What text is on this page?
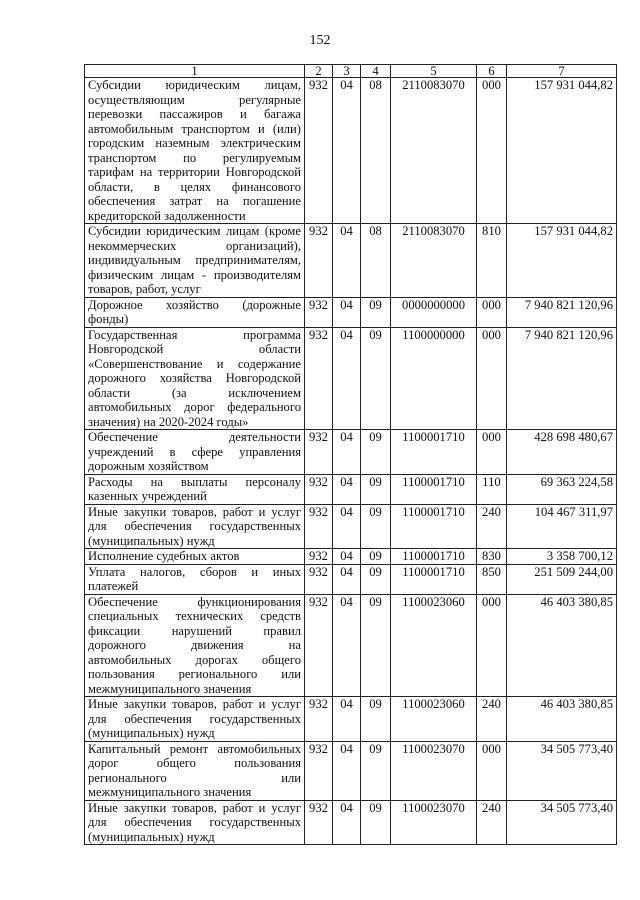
152
1	2	3	4	5	6	7
Субсидии юридическим лицам, осуществляющим регулярные перевозки пассажиров и багажа автомобильным транспортом и (или) городским наземным электрическим транспортом по регулируемым тарифам на территории Новгородской области, в целях финансового обеспечения затрат на погашение кредиторской задолженности	932	04	08	2110083070	000	157 931 044,82
Субсидии юридическим лицам (кроме некоммерческих организаций), индивидуальным предпринимателям, физическим лицам - производителям товаров, работ, услуг	932	04	08	2110083070	810	157 931 044,82
Дорожное хозяйство (дорожные фонды)	932	04	09	0000000000	000	7 940 821 120,96
Государственная программа Новгородской области «Совершенствование и содержание дорожного хозяйства Новгородской области (за исключением автомобильных дорог федерального значения) на 2020-2024 годы»	932	04	09	1100000000	000	7 940 821 120,96
Обеспечение деятельности учреждений в сфере управления дорожным хозяйством	932	04	09	1100001710	000	428 698 480,67
Расходы на выплаты персоналу казенных учреждений	932	04	09	1100001710	110	69 363 224,58
Иные закупки товаров, работ и услуг для обеспечения государственных (муниципальных) нужд	932	04	09	1100001710	240	104 467 311,97
Исполнение судебных актов	932	04	09	1100001710	830	3 358 700,12
Уплата налогов, сборов и иных платежей	932	04	09	1100001710	850	251 509 244,00
Обеспечение функционирования специальных технических средств фиксации нарушений правил дорожного движения на автомобильных дорогах общего пользования регионального или межмуниципального значения	932	04	09	1100023060	000	46 403 380,85
Иные закупки товаров, работ и услуг для обеспечения государственных (муниципальных) нужд	932	04	09	1100023060	240	46 403 380,85
Капитальный ремонт автомобильных дорог общего пользования регионального или межмуниципального значения	932	04	09	1100023070	000	34 505 773,40
Иные закупки товаров, работ и услуг для обеспечения государственных (муниципальных) нужд	932	04	09	1100023070	240	34 505 773,40
